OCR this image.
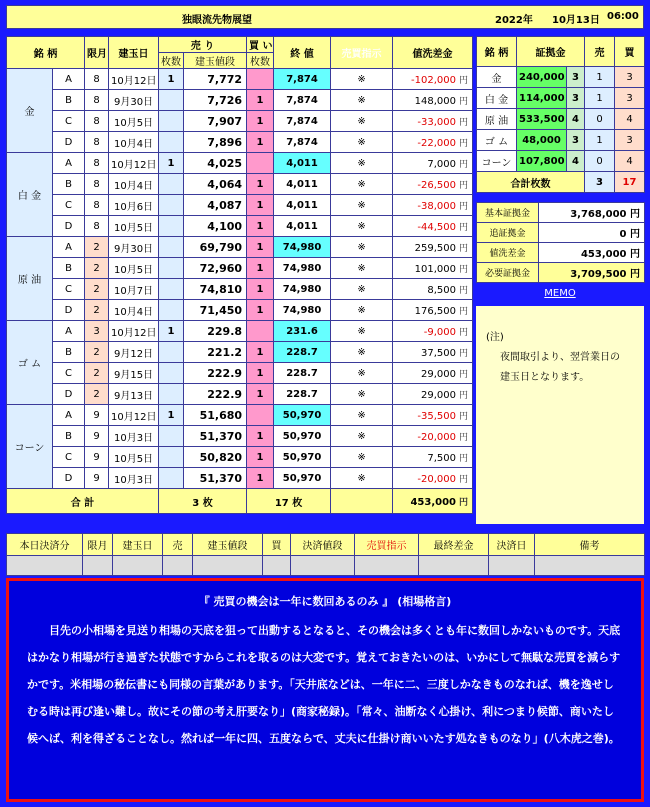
独眼流先物展望	2022年 10月13日 06:00
銘 柄		限月	建玉日	売 り		買 い	終 値	売買指示	値洗差金
				枚数	建玉値段	枚数			
金	A	8	10月12日	1	7,772		7,874	※	-102,000 円
	B	8	9月30日		7,726	1	7,874	※	148,000 円
	C	8	10月5日		7,907	1	7,874	※	-33,000 円
	D	8	10月4日		7,896	1	7,874	※	-22,000 円
白 金	A	8	10月12日	1	4,025		4,011	※	7,000 円
	B	8	10月4日		4,064	1	4,011	※	-26,500 円
	C	8	10月6日		4,087	1	4,011	※	-38,000 円
	D	8	10月5日		4,100	1	4,011	※	-44,500 円
原 油	A	2	9月30日		69,790	1	74,980	※	259,500 円
	B	2	10月5日		72,960	1	74,980	※	101,000 円
	C	2	10月7日		74,810	1	74,980	※	8,500 円
	D	2	10月4日		71,450	1	74,980	※	176,500 円
ゴ ム	A	3	10月12日	1	229.8		231.6	※	-9,000 円
	B	2	9月12日		221.2	1	228.7	※	37,500 円
	C	2	9月15日		222.9	1	228.7	※	29,000 円
	D	2	9月13日		222.9	1	228.7	※	29,000 円
コーン	A	9	10月12日	1	51,680		50,970	※	-35,500 円
	B	9	10月3日		51,370	1	50,970	※	-20,000 円
	C	9	10月5日		50,820	1	50,970	※	7,500 円
	D	9	10月3日		51,370	1	50,970	※	-20,000 円
合 計				3 枚		17 枚			453,000 円
銘 柄	証拠金		売	買
金	240,000	3	1	3
白 金	114,000	3	1	3
原 油	533,500	4	0	4
ゴ ム	48,000	3	1	3
コーン	107,800	4	0	4
合計枚数			3	17
基本証拠金	3,768,000 円
追証拠金	0 円
値洗差金	453,000 円
必要証拠金	3,709,500 円
MEMO
(注)
夜間取引より、翌営業日の
建玉日となります。
本日決済分	限月	建玉日	売	建玉値段	買	決済値段	売買指示	最終差金	決済日	備考

『 売買の機会は一年に数回あるのみ 』 (相場格言)
目先の小相場を見送り相場の天底を狙って出動するとなると、その機会は多くとも年に数回しかないものです。天底はかなり相場が行き過ぎた状態ですからこれを取るのは大変です。覚えておきたいのは、いかにして無駄な売買を減らすかです。米相場の秘伝書にも同様の言葉があります。「天井底などは、一年に二、三度しかなきものなれば、機を逸せしむる時は再び逢い難し。故にその節の考え肝要なり」(商家秘録)。「常々、油断なく心掛け、利につまり候節、商いたし候へば、利を得ざることなし。然れば一年に四、五度ならで、丈夫に仕掛け商いいたす処なきものなり」(八木虎之巻)。
